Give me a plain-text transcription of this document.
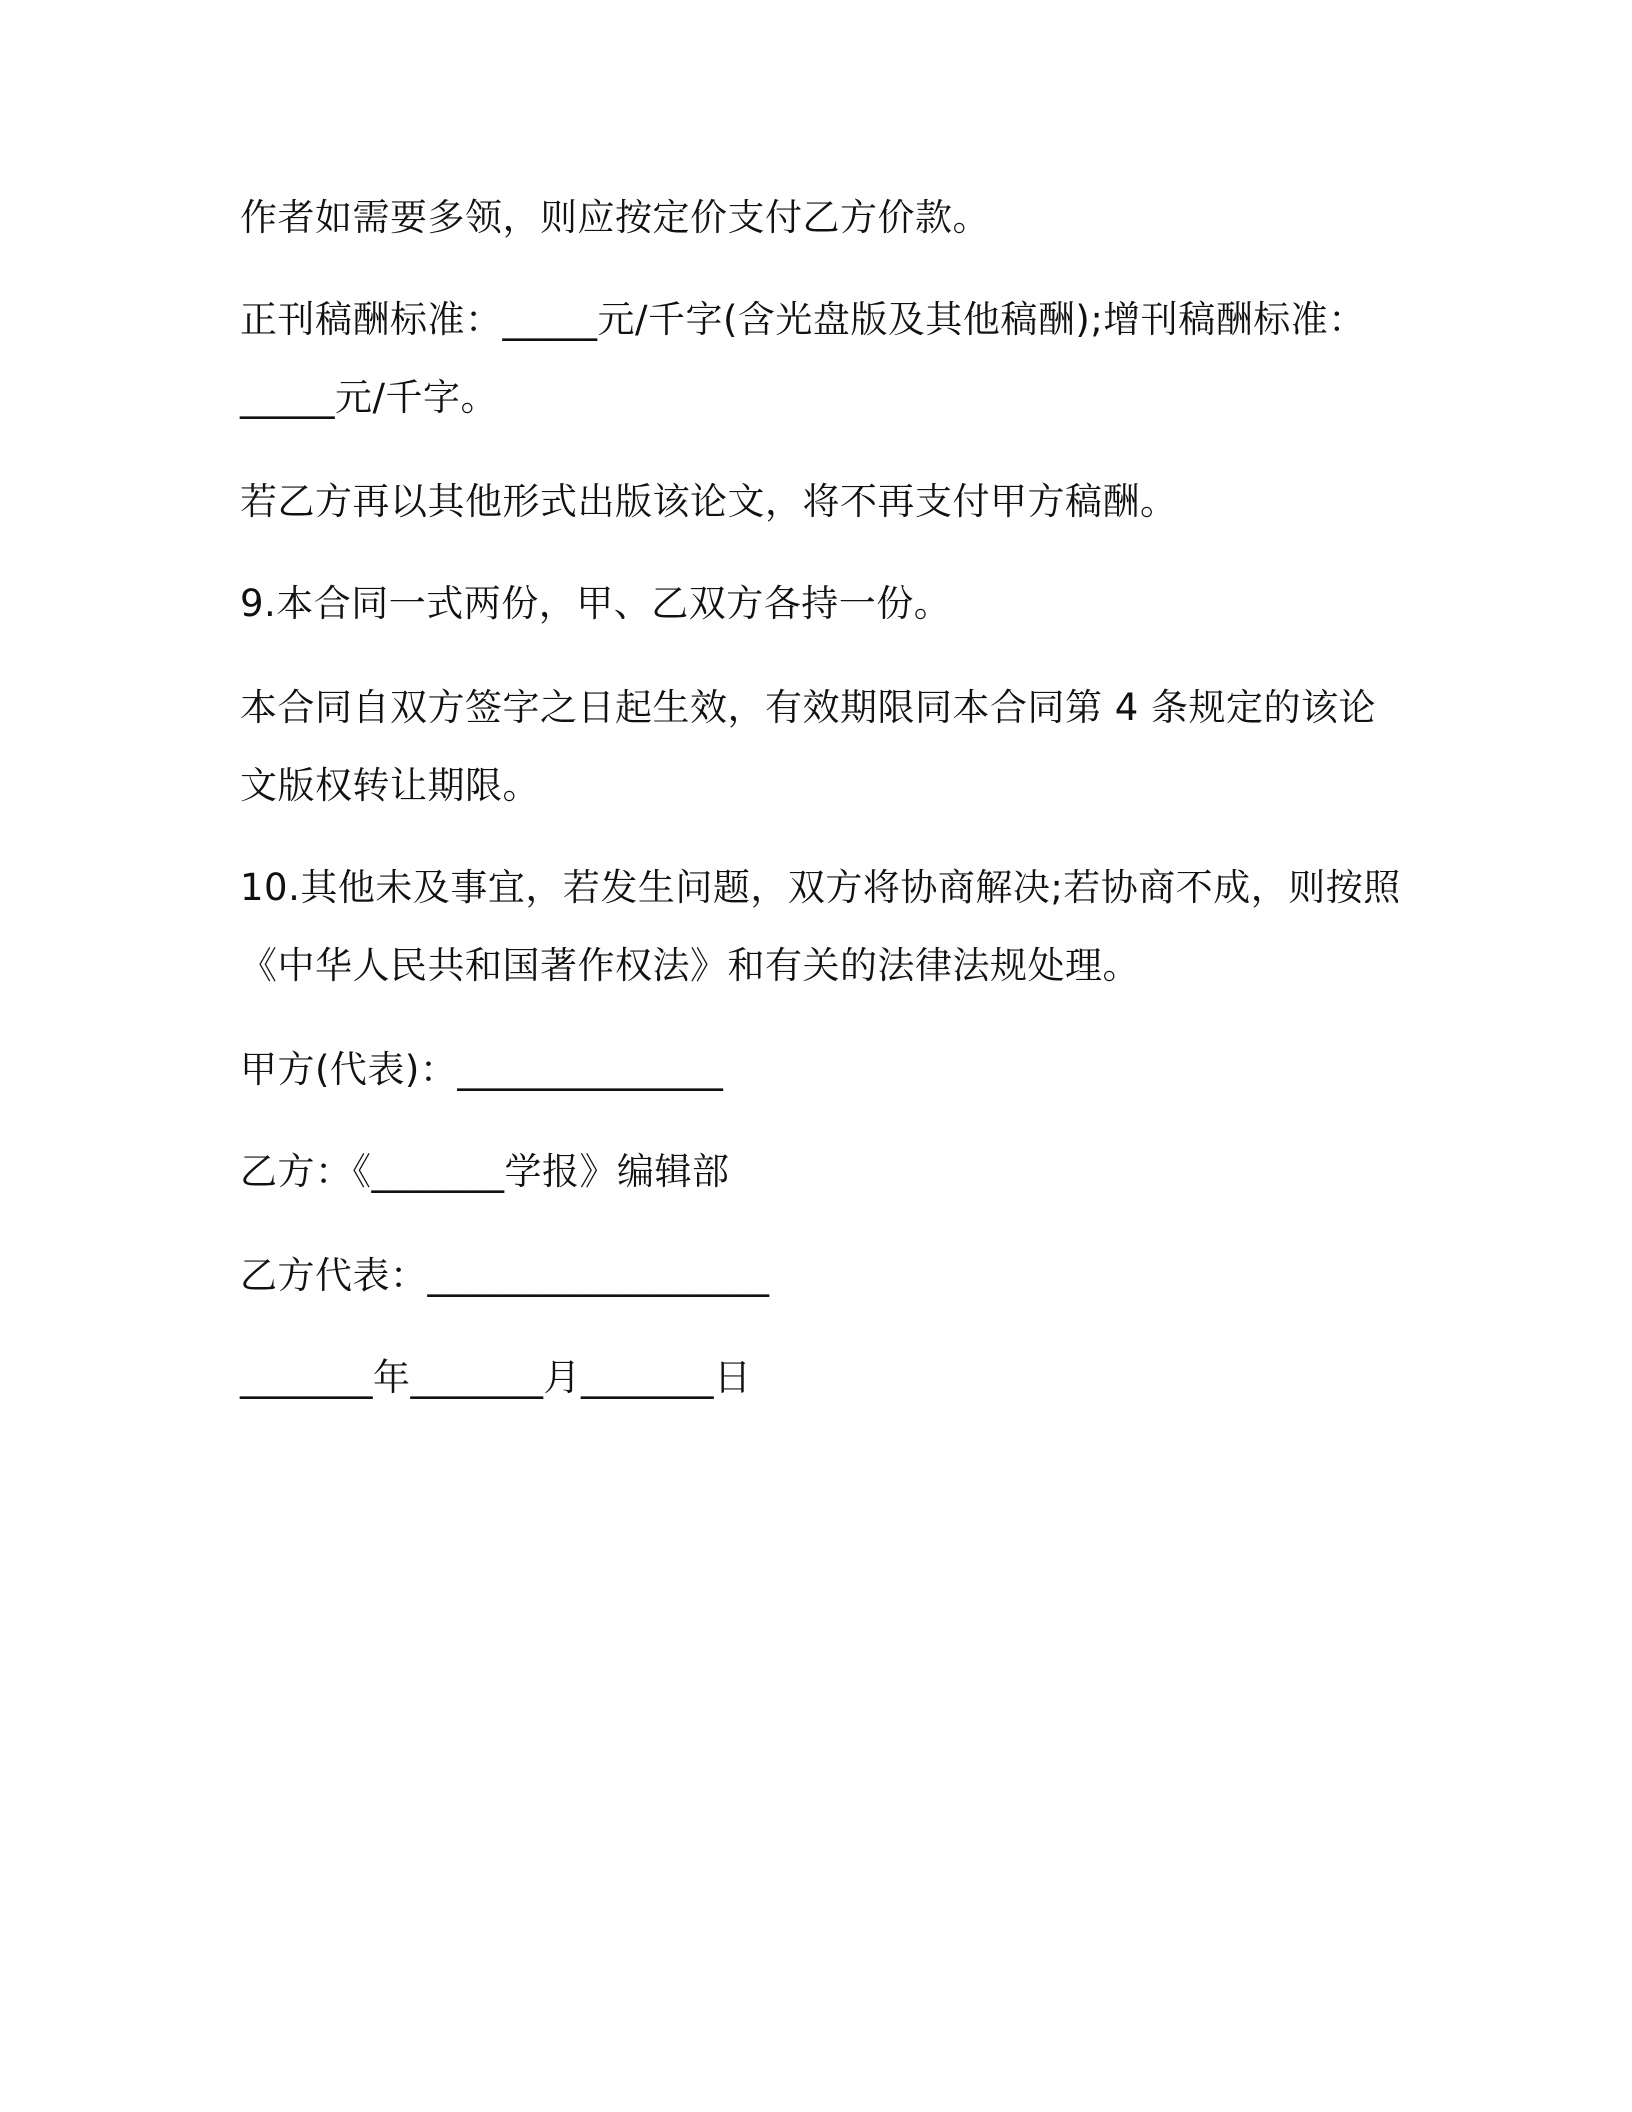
作者如需要多领，则应按定价支付乙方价款。
正刊稿酬标准：_____元/千字(含光盘版及其他稿酬);增刊稿酬标准：
_____元/千字。
若乙方再以其他形式出版该论文，将不再支付甲方稿酬。
9.本合同一式两份，甲、乙双方各持一份。
本合同自双方签字之日起生效，有效期限同本合同第 4 条规定的该论
文版权转让期限。
10.其他未及事宜，若发生问题，双方将协商解决;若协商不成，则按照
《中华人民共和国著作权法》和有关的法律法规处理。
甲方(代表)：______________
乙方：《_______学报》编辑部
乙方代表：__________________
_______年_______月_______日
